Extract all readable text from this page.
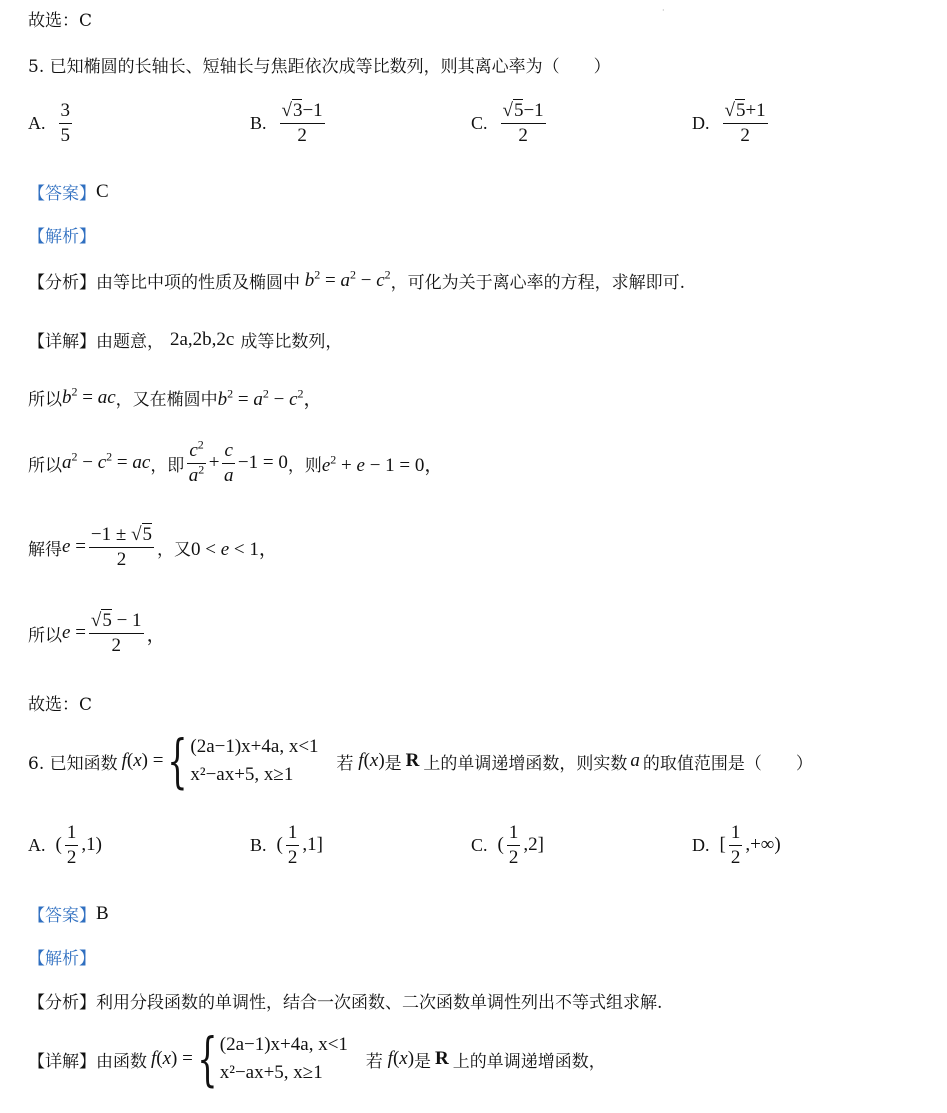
·
故选：C
5. 已知椭圆的长轴长、短轴长与焦距依次成等比数列，则其离心率为（　　）
A. $\frac{3}{5}$	B. $\frac{√3-1}{2}$	C. $\frac{√5-1}{2}$	D. $\frac{√5+1}{2}$
【答案】 C
【解析】
【分析】 由等比中项的性质及椭圆中 $b^2 = a^2 - c^2$ ，可化为关于离心率的方程，求解即可.
【详解】 由题意， 2a,2b,2c 成等比数列，
所以 $b^2$ = ac ，又在椭圆中 $b^2 = a^2 - c^2$，
所以 $a^2 - c^2$ = ac ，即 $\frac{c^2}{a^2} + \frac{c}{a} -1 = 0$ ，则 $e^2 + e - 1 = 0$，
解得 $e = \frac{-1 \pm √5}{2}$ ，又 0 < e < 1，
所以 $e = \frac{√5 - 1}{2}$ ，
故选：C
6. 已知函数 f(x) = { (2a−1)x+4a, x<1
x²−ax+5, x≥1
若 f(x) 是 R 上的单调递增函数，则实数 a 的取值范围是（　　）
A. ( $\frac{1}{2} ,1$)	B. ( $\frac{1}{2} ,1$]	C. ( $\frac{1}{2} ,2$]	D. [ $\frac{1}{2}$ ,+∞)
【答案】 B
【解析】
【分析】 利用分段函数的单调性，结合一次函数、二次函数单调性列出不等式组求解.
【详解】 由函数 f(x) = { (2a−1)x+4a, x<1
x²−ax+5, x≥1
若 f(x) 是 R 上的单调递增函数，
